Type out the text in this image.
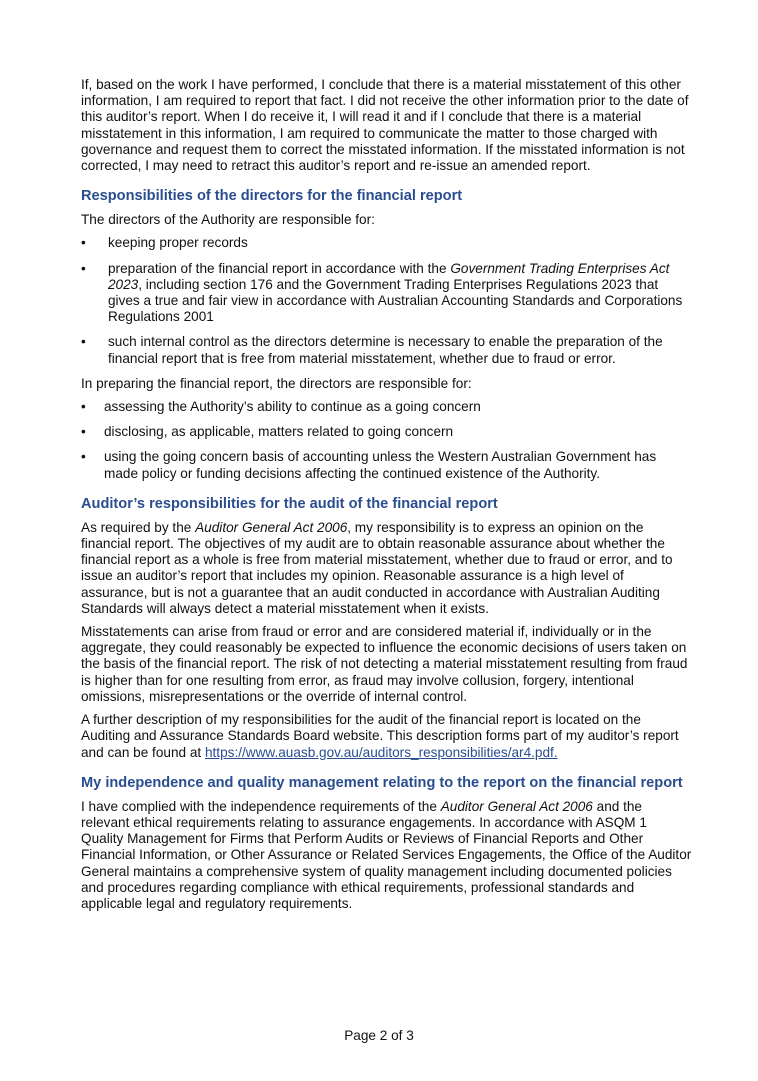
If, based on the work I have performed, I conclude that there is a material misstatement of this other information, I am required to report that fact. I did not receive the other information prior to the date of this auditor’s report. When I do receive it, I will read it and if I conclude that there is a material misstatement in this information, I am required to communicate the matter to those charged with governance and request them to correct the misstated information. If the misstated information is not corrected, I may need to retract this auditor’s report and re-issue an amended report.

Responsibilities of the directors for the financial report

The directors of the Authority are responsible for:

• keeping proper records
• preparation of the financial report in accordance with the Government Trading Enterprises Act 2023, including section 176 and the Government Trading Enterprises Regulations 2023 that gives a true and fair view in accordance with Australian Accounting Standards and Corporations Regulations 2001
• such internal control as the directors determine is necessary to enable the preparation of the financial report that is free from material misstatement, whether due to fraud or error.

In preparing the financial report, the directors are responsible for:

• assessing the Authority’s ability to continue as a going concern
• disclosing, as applicable, matters related to going concern
• using the going concern basis of accounting unless the Western Australian Government has made policy or funding decisions affecting the continued existence of the Authority.
Auditor’s responsibilities for the audit of the financial report

As required by the Auditor General Act 2006, my responsibility is to express an opinion on the financial report. The objectives of my audit are to obtain reasonable assurance about whether the financial report as a whole is free from material misstatement, whether due to fraud or error, and to issue an auditor’s report that includes my opinion. Reasonable assurance is a high level of assurance, but is not a guarantee that an audit conducted in accordance with Australian Auditing Standards will always detect a material misstatement when it exists.

Misstatements can arise from fraud or error and are considered material if, individually or in the aggregate, they could reasonably be expected to influence the economic decisions of users taken on the basis of the financial report. The risk of not detecting a material misstatement resulting from fraud is higher than for one resulting from error, as fraud may involve collusion, forgery, intentional omissions, misrepresentations or the override of internal control.

A further description of my responsibilities for the audit of the financial report is located on the Auditing and Assurance Standards Board website. This description forms part of my auditor’s report and can be found at https://www.auasb.gov.au/auditors_responsibilities/ar4.pdf.

My independence and quality management relating to the report on the financial report

I have complied with the independence requirements of the Auditor General Act 2006 and the relevant ethical requirements relating to assurance engagements. In accordance with ASQM 1 Quality Management for Firms that Perform Audits or Reviews of Financial Reports and Other Financial Information, or Other Assurance or Related Services Engagements, the Office of the Auditor General maintains a comprehensive system of quality management including documented policies and procedures regarding compliance with ethical requirements, professional standards and applicable legal and regulatory requirements.

Page 2 of 3
